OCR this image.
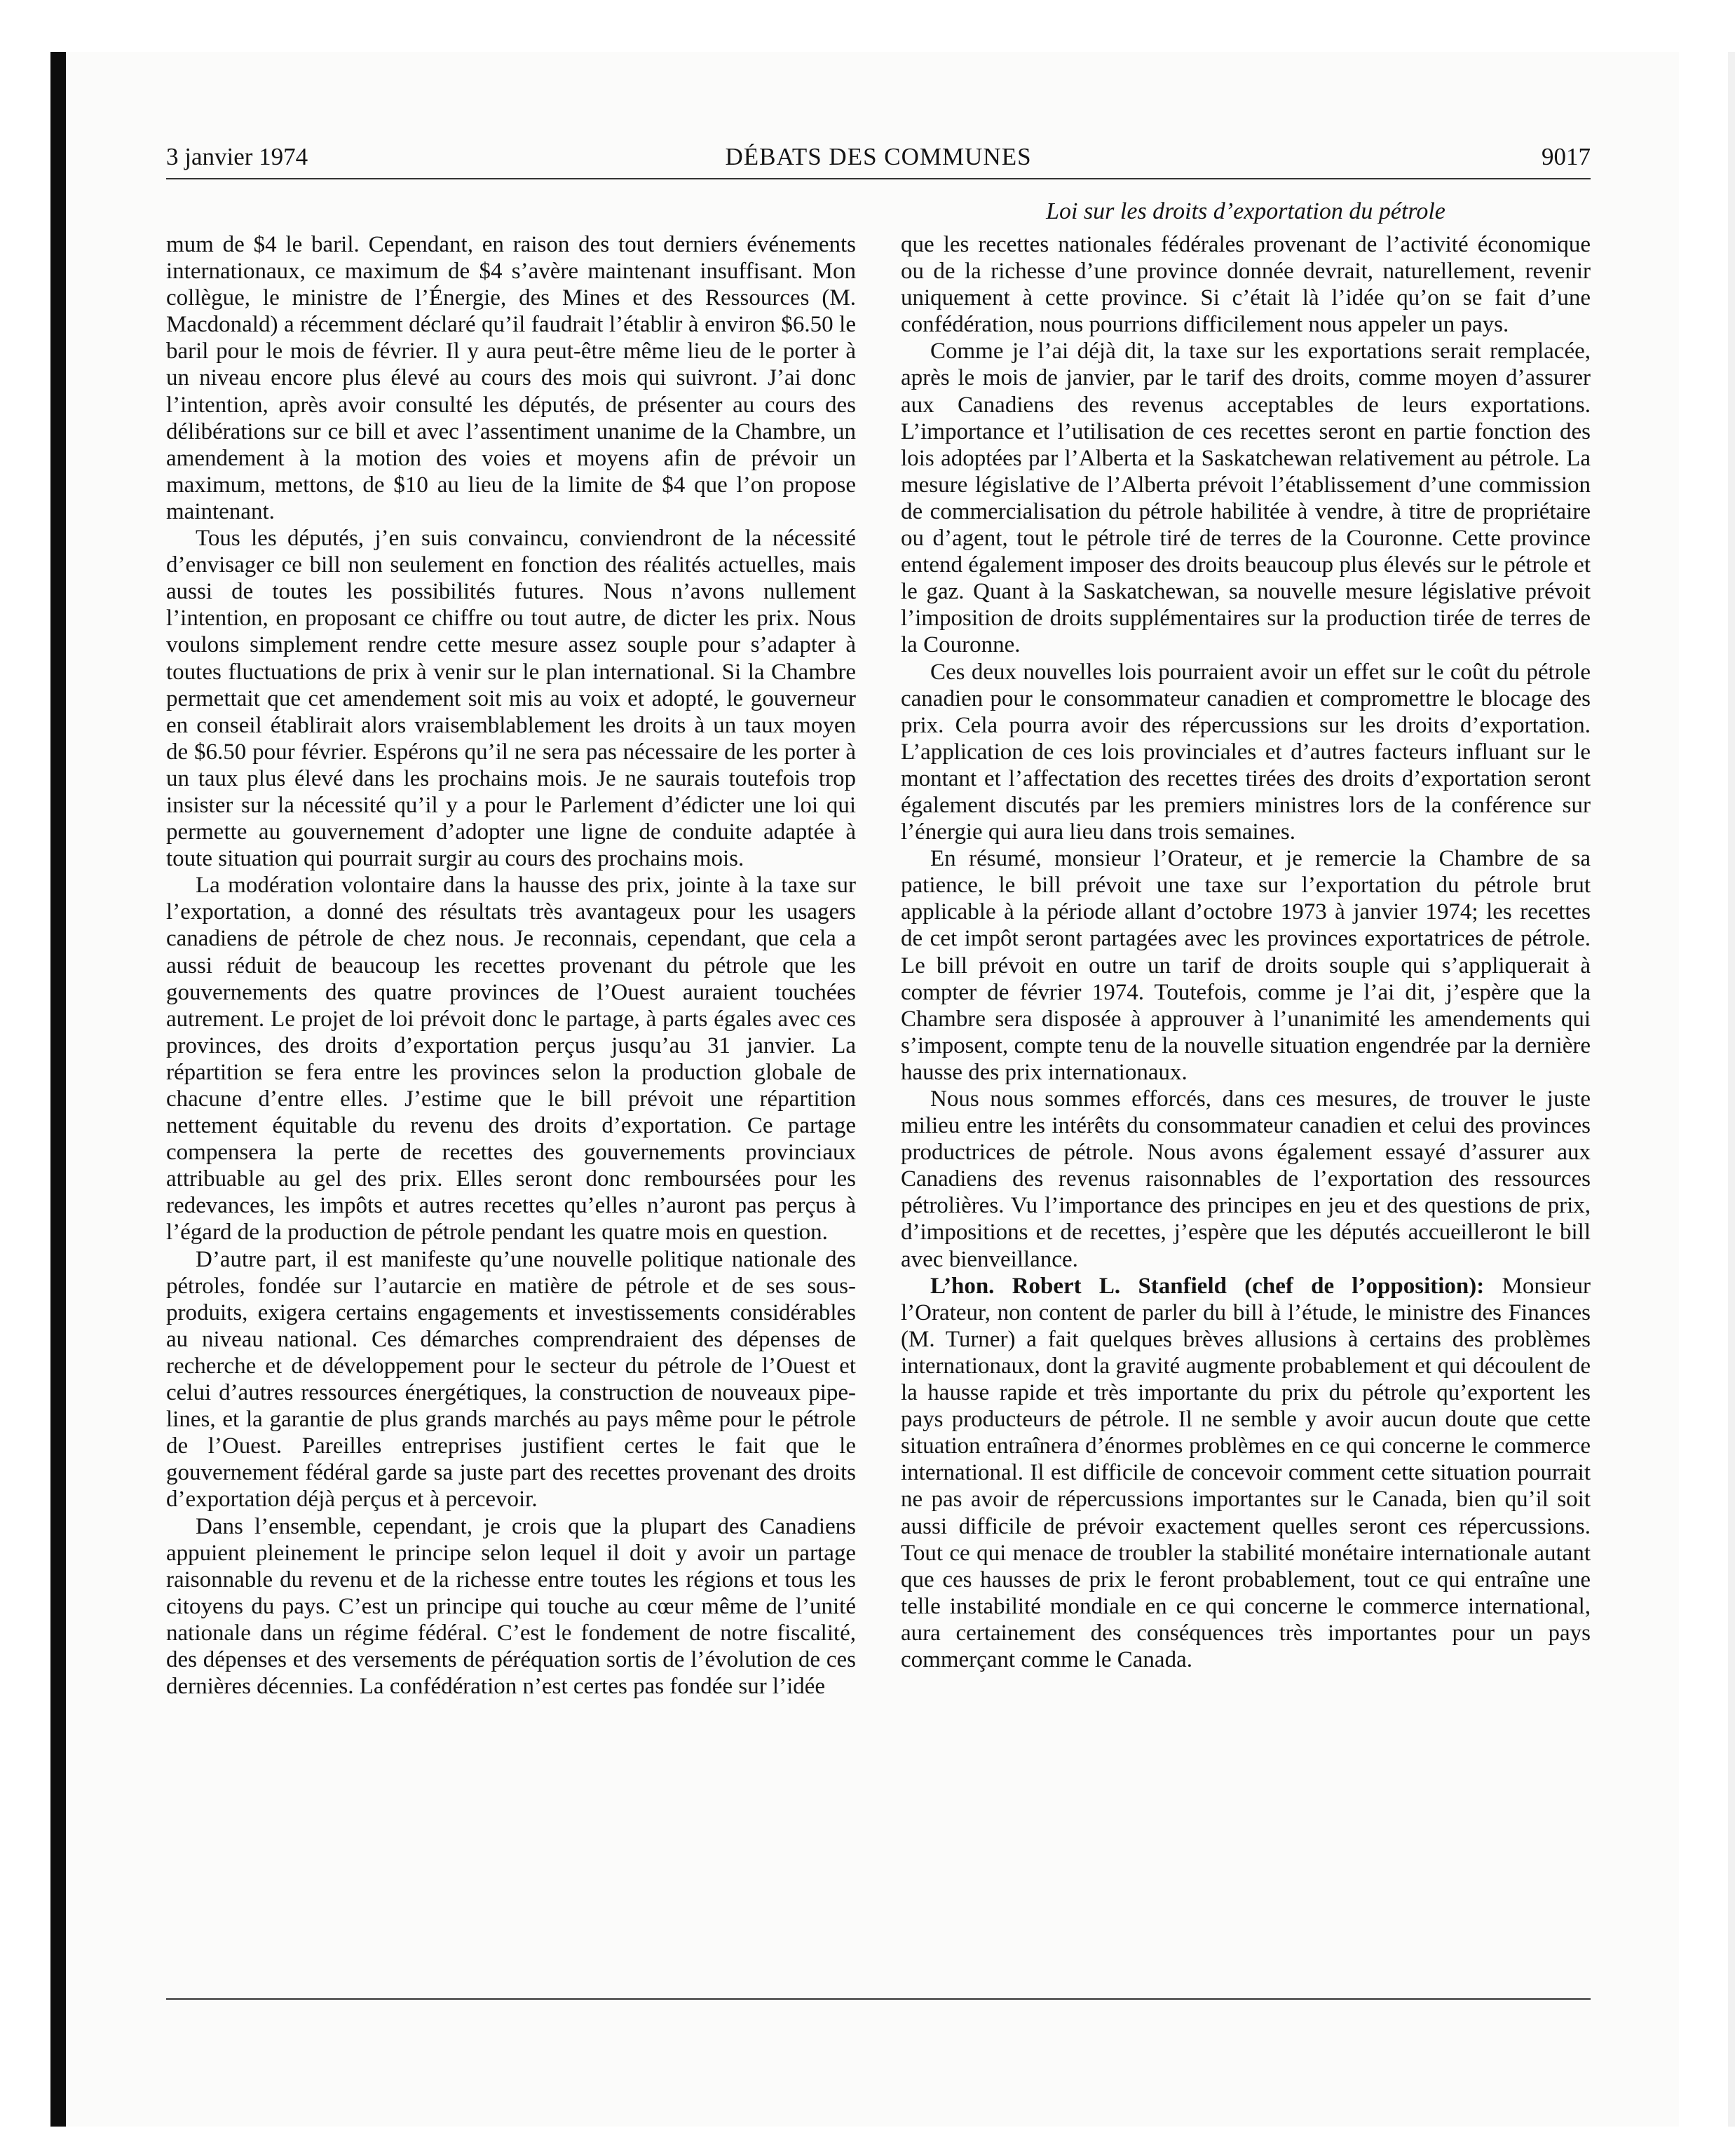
3 janvier 1974	DÉBATS DES COMMUNES	9017
Loi sur les droits d’exportation du pétrole

mum de $4 le baril. Cependant, en raison des tout derniers événements internationaux, ce maximum de $4 s’avère maintenant insuffisant. Mon collègue, le ministre de l’Énergie, des Mines et des Ressources (M. Macdonald) a récemment déclaré qu’il faudrait l’établir à environ $6.50 le baril pour le mois de février. Il y aura peut-être même lieu de le porter à un niveau encore plus élevé au cours des mois qui suivront. J’ai donc l’intention, après avoir consulté les députés, de présenter au cours des délibérations sur ce bill et avec l’assentiment unanime de la Chambre, un amendement à la motion des voies et moyens afin de prévoir un maximum, mettons, de $10 au lieu de la limite de $4 que l’on propose maintenant.

Tous les députés, j’en suis convaincu, conviendront de la nécessité d’envisager ce bill non seulement en fonction des réalités actuelles, mais aussi de toutes les possibilités futures. Nous n’avons nullement l’intention, en proposant ce chiffre ou tout autre, de dicter les prix. Nous voulons simplement rendre cette mesure assez souple pour s’adapter à toutes fluctuations de prix à venir sur le plan international. Si la Chambre permettait que cet amendement soit mis au voix et adopté, le gouverneur en conseil établirait alors vraisemblablement les droits à un taux moyen de $6.50 pour février. Espérons qu’il ne sera pas nécessaire de les porter à un taux plus élevé dans les prochains mois. Je ne saurais toutefois trop insister sur la nécessité qu’il y a pour le Parlement d’édicter une loi qui permette au gouvernement d’adopter une ligne de conduite adaptée à toute situation qui pourrait surgir au cours des prochains mois.

La modération volontaire dans la hausse des prix, jointe à la taxe sur l’exportation, a donné des résultats très avantageux pour les usagers canadiens de pétrole de chez nous. Je reconnais, cependant, que cela a aussi réduit de beaucoup les recettes provenant du pétrole que les gouvernements des quatre provinces de l’Ouest auraient touchées autrement. Le projet de loi prévoit donc le partage, à parts égales avec ces provinces, des droits d’exportation perçus jusqu’au 31 janvier. La répartition se fera entre les provinces selon la production globale de chacune d’entre elles. J’estime que le bill prévoit une répartition nettement équitable du revenu des droits d’exportation. Ce partage compensera la perte de recettes des gouvernements provinciaux attribuable au gel des prix. Elles seront donc remboursées pour les redevances, les impôts et autres recettes qu’elles n’auront pas perçus à l’égard de la production de pétrole pendant les quatre mois en question.

D’autre part, il est manifeste qu’une nouvelle politique nationale des pétroles, fondée sur l’autarcie en matière de pétrole et de ses sous-produits, exigera certains engagements et investissements considérables au niveau national. Ces démarches comprendraient des dépenses de recherche et de développement pour le secteur du pétrole de l’Ouest et celui d’autres ressources énergétiques, la construction de nouveaux pipe-lines, et la garantie de plus grands marchés au pays même pour le pétrole de l’Ouest. Pareilles entreprises justifient certes le fait que le gouvernement fédéral garde sa juste part des recettes provenant des droits d’exportation déjà perçus et à percevoir.

Dans l’ensemble, cependant, je crois que la plupart des Canadiens appuient pleinement le principe selon lequel il doit y avoir un partage raisonnable du revenu et de la richesse entre toutes les régions et tous les citoyens du pays. C’est un principe qui touche au cœur même de l’unité nationale dans un régime fédéral. C’est le fondement de notre fiscalité, des dépenses et des versements de péréquation sortis de l’évolution de ces dernières décennies. La confédération n’est certes pas fondée sur l’idée

que les recettes nationales fédérales provenant de l’activité économique ou de la richesse d’une province donnée devrait, naturellement, revenir uniquement à cette province. Si c’était là l’idée qu’on se fait d’une confédération, nous pourrions difficilement nous appeler un pays.

Comme je l’ai déjà dit, la taxe sur les exportations serait remplacée, après le mois de janvier, par le tarif des droits, comme moyen d’assurer aux Canadiens des revenus acceptables de leurs exportations. L’importance et l’utilisation de ces recettes seront en partie fonction des lois adoptées par l’Alberta et la Saskatchewan relativement au pétrole. La mesure législative de l’Alberta prévoit l’établissement d’une commission de commercialisation du pétrole habilitée à vendre, à titre de propriétaire ou d’agent, tout le pétrole tiré de terres de la Couronne. Cette province entend également imposer des droits beaucoup plus élevés sur le pétrole et le gaz. Quant à la Saskatchewan, sa nouvelle mesure législative prévoit l’imposition de droits supplémentaires sur la production tirée de terres de la Couronne.

Ces deux nouvelles lois pourraient avoir un effet sur le coût du pétrole canadien pour le consommateur canadien et compromettre le blocage des prix. Cela pourra avoir des répercussions sur les droits d’exportation. L’application de ces lois provinciales et d’autres facteurs influant sur le montant et l’affectation des recettes tirées des droits d’exportation seront également discutés par les premiers ministres lors de la conférence sur l’énergie qui aura lieu dans trois semaines.

En résumé, monsieur l’Orateur, et je remercie la Chambre de sa patience, le bill prévoit une taxe sur l’exportation du pétrole brut applicable à la période allant d’octobre 1973 à janvier 1974; les recettes de cet impôt seront partagées avec les provinces exportatrices de pétrole. Le bill prévoit en outre un tarif de droits souple qui s’appliquerait à compter de février 1974. Toutefois, comme je l’ai dit, j’espère que la Chambre sera disposée à approuver à l’unanimité les amendements qui s’imposent, compte tenu de la nouvelle situation engendrée par la dernière hausse des prix internationaux.

Nous nous sommes efforcés, dans ces mesures, de trouver le juste milieu entre les intérêts du consommateur canadien et celui des provinces productrices de pétrole. Nous avons également essayé d’assurer aux Canadiens des revenus raisonnables de l’exportation des ressources pétrolières. Vu l’importance des principes en jeu et des questions de prix, d’impositions et de recettes, j’espère que les députés accueilleront le bill avec bienveillance.

L’hon. Robert L. Stanfield (chef de l’opposition): Monsieur l’Orateur, non content de parler du bill à l’étude, le ministre des Finances (M. Turner) a fait quelques brèves allusions à certains des problèmes internationaux, dont la gravité augmente probablement et qui découlent de la hausse rapide et très importante du prix du pétrole qu’exportent les pays producteurs de pétrole. Il ne semble y avoir aucun doute que cette situation entraînera d’énormes problèmes en ce qui concerne le commerce international. Il est difficile de concevoir comment cette situation pourrait ne pas avoir de répercussions importantes sur le Canada, bien qu’il soit aussi difficile de prévoir exactement quelles seront ces répercussions. Tout ce qui menace de troubler la stabilité monétaire internationale autant que ces hausses de prix le feront probablement, tout ce qui entraîne une telle instabilité mondiale en ce qui concerne le commerce international, aura certainement des conséquences très importantes pour un pays commerçant comme le Canada.
